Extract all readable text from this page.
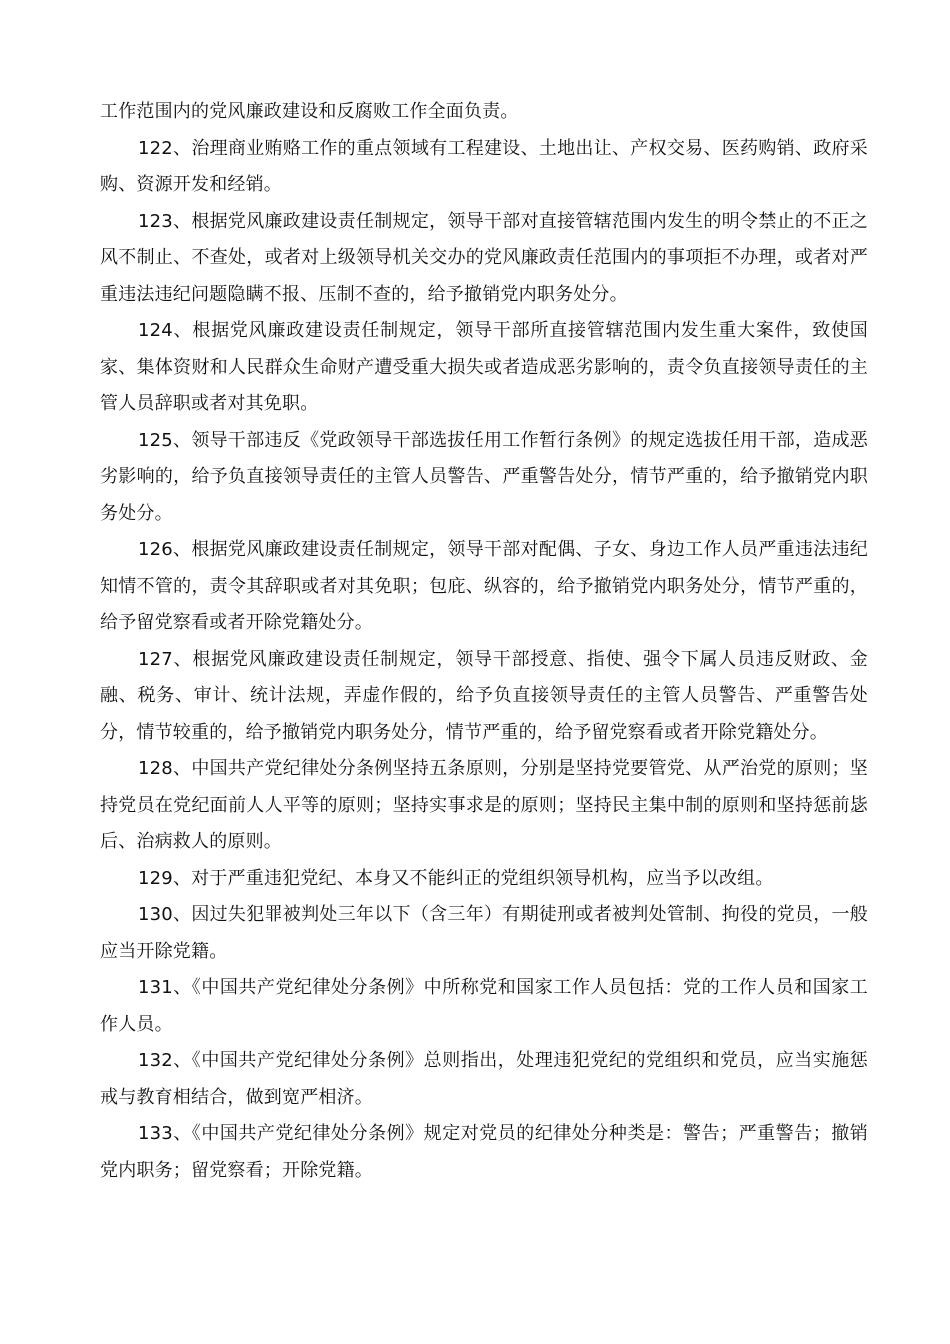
工作范围内的党风廉政建设和反腐败工作全面负责。

122、治理商业贿赂工作的重点领域有工程建设、土地出让、产权交易、医药购销、政府采购、资源开发和经销。

123、根据党风廉政建设责任制规定，领导干部对直接管辖范围内发生的明令禁止的不正之风不制止、不查处，或者对上级领导机关交办的党风廉政责任范围内的事项拒不办理，或者对严重违法违纪问题隐瞒不报、压制不查的，给予撤销党内职务处分。

124、根据党风廉政建设责任制规定，领导干部所直接管辖范围内发生重大案件，致使国家、集体资财和人民群众生命财产遭受重大损失或者造成恶劣影响的，责令负直接领导责任的主管人员辞职或者对其免职。

125、领导干部违反《党政领导干部选拔任用工作暂行条例》的规定选拔任用干部，造成恶劣影响的，给予负直接领导责任的主管人员警告、严重警告处分，情节严重的，给予撤销党内职务处分。

126、根据党风廉政建设责任制规定，领导干部对配偶、子女、身边工作人员严重违法违纪知情不管的，责令其辞职或者对其免职；包庇、纵容的，给予撤销党内职务处分，情节严重的，给予留党察看或者开除党籍处分。

127、根据党风廉政建设责任制规定，领导干部授意、指使、强令下属人员违反财政、金融、税务、审计、统计法规，弄虚作假的，给予负直接领导责任的主管人员警告、严重警告处分，情节较重的，给予撤销党内职务处分，情节严重的，给予留党察看或者开除党籍处分。

128、中国共产党纪律处分条例坚持五条原则，分别是坚持党要管党、从严治党的原则；坚持党员在党纪面前人人平等的原则；坚持实事求是的原则；坚持民主集中制的原则和坚持惩前毖后、治病救人的原则。

129、对于严重违犯党纪、本身又不能纠正的党组织领导机构，应当予以改组。

130、因过失犯罪被判处三年以下（含三年）有期徒刑或者被判处管制、拘役的党员，一般应当开除党籍。

131、《中国共产党纪律处分条例》中所称党和国家工作人员包括：党的工作人员和国家工作人员。

132、《中国共产党纪律处分条例》总则指出，处理违犯党纪的党组织和党员，应当实施惩戒与教育相结合，做到宽严相济。

133、《中国共产党纪律处分条例》规定对党员的纪律处分种类是：警告；严重警告；撤销党内职务；留党察看；开除党籍。
